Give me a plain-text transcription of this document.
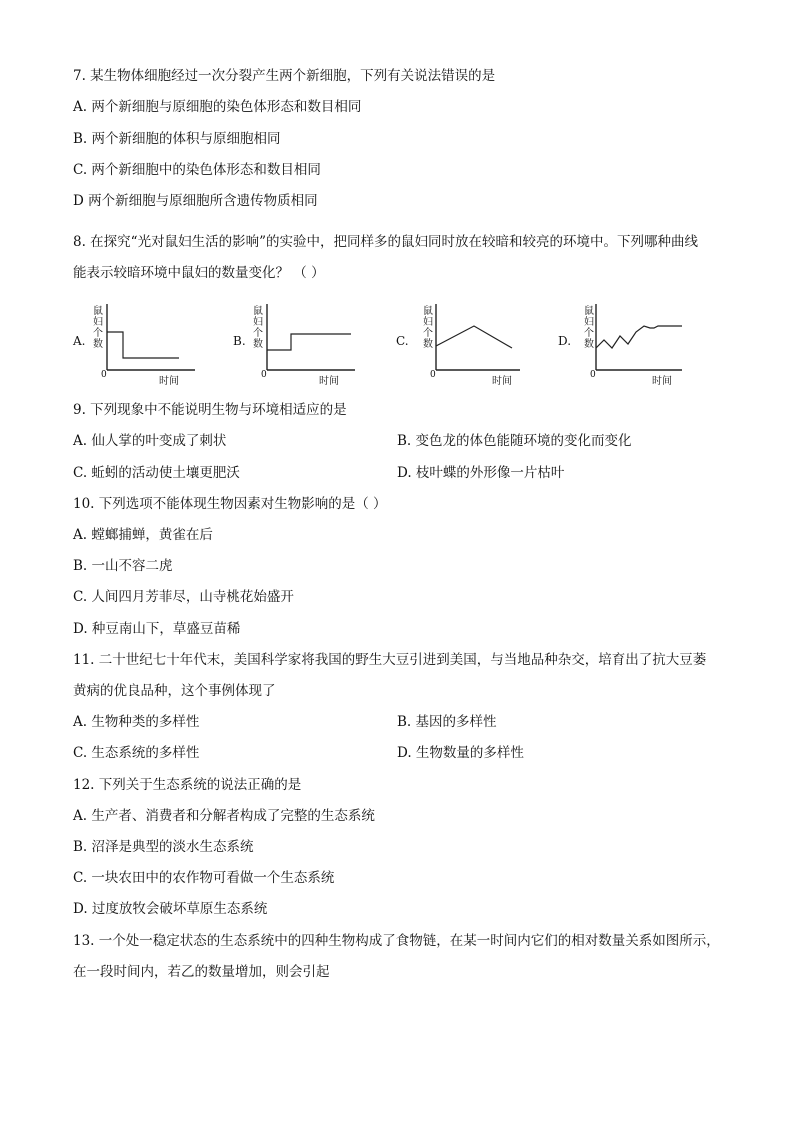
7. 某生物体细胞经过一次分裂产生两个新细胞，下列有关说法错误的是
A. 两个新细胞与原细胞的染色体形态和数目相同
B. 两个新细胞的体积与原细胞相同
C. 两个新细胞中的染色体形态和数目相同
D 两个新细胞与原细胞所含遗传物质相同
8. 在探究“光对鼠妇生活的影响”的实验中，把同样多的鼠妇同时放在较暗和较亮的环境中。下列哪种曲线
能表示较暗环境中鼠妇的数量变化？ （ ）
A.
鼠妇个数
0
时间
B.
鼠妇个数
0
时间
C.
鼠妇个数
0
时间
D.
鼠妇个数
0
时间
9. 下列现象中不能说明生物与环境相适应的是
A. 仙人掌的叶变成了刺状	B. 变色龙的体色能随环境的变化而变化
C. 蚯蚓的活动使土壤更肥沃	D. 枝叶蝶的外形像一片枯叶
10. 下列选项不能体现生物因素对生物影响的是（ ）
A. 螳螂捕蝉，黄雀在后
B. 一山不容二虎
C. 人间四月芳菲尽，山寺桃花始盛开
D. 种豆南山下，草盛豆苗稀
11. 二十世纪七十年代末，美国科学家将我国的野生大豆引进到美国，与当地品种杂交，培育出了抗大豆萎
黄病的优良品种，这个事例体现了
A. 生物种类的多样性	B. 基因的多样性
C. 生态系统的多样性	D. 生物数量的多样性
12. 下列关于生态系统的说法正确的是
A. 生产者、消费者和分解者构成了完整的生态系统
B. 沼泽是典型的淡水生态系统
C. 一块农田中的农作物可看做一个生态系统
D. 过度放牧会破坏草原生态系统
13. 一个处一稳定状态的生态系统中的四种生物构成了食物链，在某一时间内它们的相对数量关系如图所示，
在一段时间内，若乙的数量增加，则会引起
